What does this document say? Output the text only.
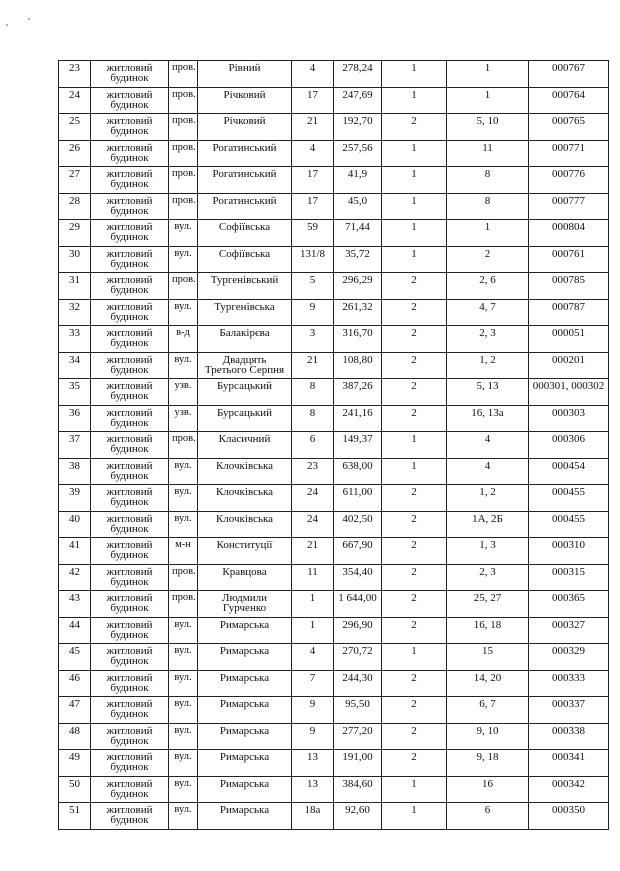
23	житловий будинок	пров.	Рівний	4	278,24	1	1	000767
24	житловий будинок	пров.	Річковий	17	247,69	1	1	000764
25	житловий будинок	пров.	Річковий	21	192,70	2	5, 10	000765
26	житловий будинок	пров.	Рогатинський	4	257,56	1	11	000771
27	житловий будинок	пров.	Рогатинський	17	41,9	1	8	000776
28	житловий будинок	пров.	Рогатинський	17	45,0	1	8	000777
29	житловий будинок	вул.	Софіївська	59	71,44	1	1	000804
30	житловий будинок	вул.	Софіївська	131/8	35,72	1	2	000761
31	житловий будинок	пров.	Тургенівський	5	296,29	2	2, 6	000785
32	житловий будинок	вул.	Тургенівська	9	261,32	2	4, 7	000787
33	житловий будинок	в-д	Балакірєва	3	316,70	2	2, 3	000051
34	житловий будинок	вул.	Двадцять Третього Серпня	21	108,80	2	1, 2	000201
35	житловий будинок	узв.	Бурсацький	8	387,26	2	5, 13	000301, 000302
36	житловий будинок	узв.	Бурсацький	8	241,16	2	16, 13а	000303
37	житловий будинок	пров.	Класичний	6	149,37	1	4	000306
38	житловий будинок	вул.	Клочківська	23	638,00	1	4	000454
39	житловий будинок	вул.	Клочківська	24	611,00	2	1, 2	000455
40	житловий будинок	вул.	Клочківська	24	402,50	2	1А, 2Б	000455
41	житловий будинок	м-н	Конституції	21	667,90	2	1, 3	000310
42	житловий будинок	пров.	Кравцова	11	354,40	2	2, 3	000315
43	житловий будинок	пров.	Людмили Гурченко	1	1 644,00	2	25, 27	000365
44	житловий будинок	вул.	Римарська	1	296,90	2	16, 18	000327
45	житловий будинок	вул.	Римарська	4	270,72	1	15	000329
46	житловий будинок	вул.	Римарська	7	244,30	2	14, 20	000333
47	житловий будинок	вул.	Римарська	9	95,50	2	6, 7	000337
48	житловий будинок	вул.	Римарська	9	277,20	2	9, 10	000338
49	житловий будинок	вул.	Римарська	13	191,00	2	9, 18	000341
50	житловий будинок	вул.	Римарська	13	384,60	1	16	000342
51	житловий будинок	вул.	Римарська	18а	92,60	1	6	000350
